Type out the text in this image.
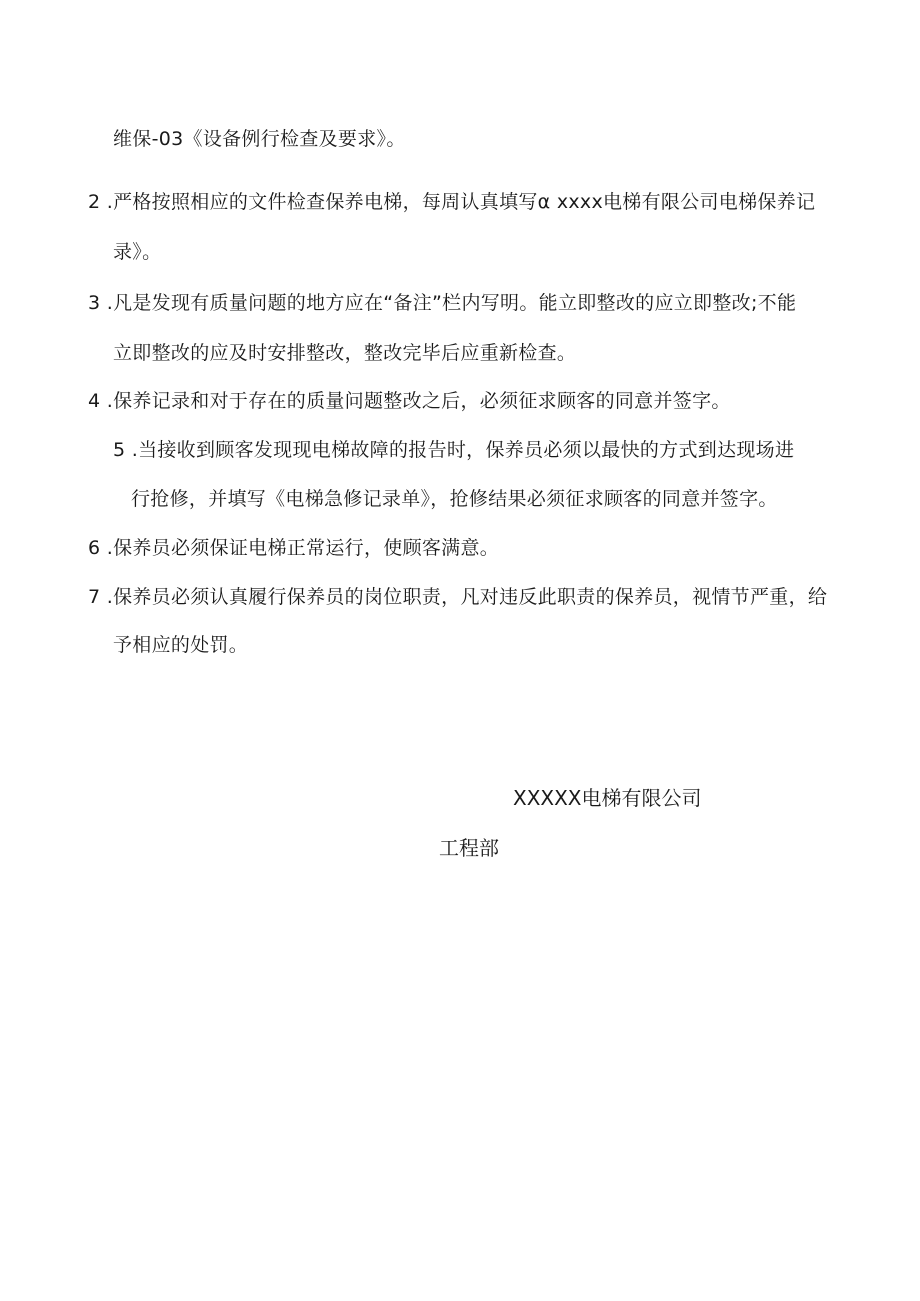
维保-03《设备例行检查及要求》。

2 .严格按照相应的文件检查保养电梯，每周认真填写α xxxx电梯有限公司电梯保养记

录》。

3 .凡是发现有质量问题的地方应在“备注”栏内写明。能立即整改的应立即整改;不能

立即整改的应及时安排整改，整改完毕后应重新检查。

4 .保养记录和对于存在的质量问题整改之后，必须征求顾客的同意并签字。

5 .当接收到顾客发现现电梯故障的报告时，保养员必须以最快的方式到达现场进

行抢修，并填写《电梯急修记录单》，抢修结果必须征求顾客的同意并签字。

6 .保养员必须保证电梯正常运行，使顾客满意。

7 .保养员必须认真履行保养员的岗位职责，凡对违反此职责的保养员，视情节严重，给

予相应的处罚。

XXXXX电梯有限公司

工程部
